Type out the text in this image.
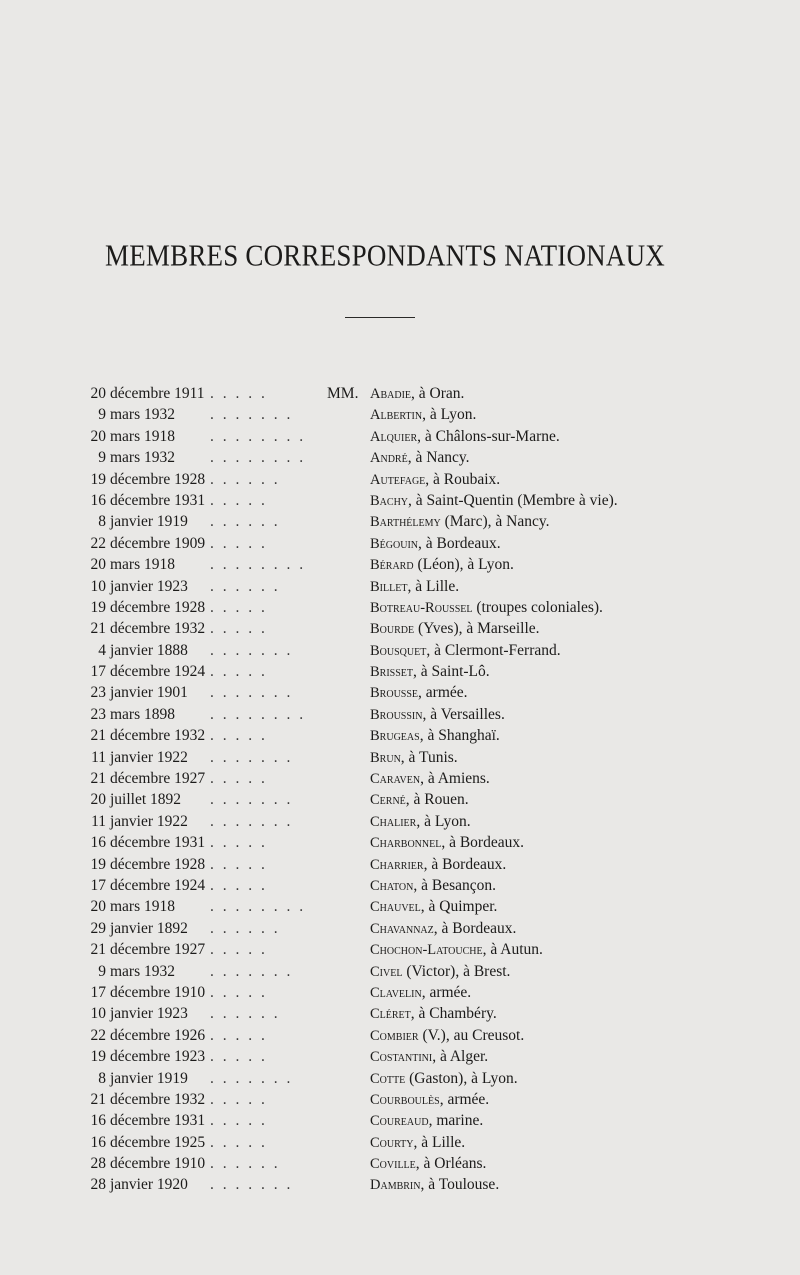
MEMBRES CORRESPONDANTS NATIONAUX
20 décembre 1911 . . . . .	MM. Abadie, à Oran.
9 mars 1932 . . . . . . .	Albertin, à Lyon.
20 mars 1918 . . . . . . . .	Alquier, à Châlons-sur-Marne.
9 mars 1932 . . . . . . . .	André, à Nancy.
19 décembre 1928 . . . . . .	Autefage, à Roubaix.
16 décembre 1931 . . . . .	Bachy, à Saint-Quentin (Membre à vie).
8 janvier 1919 . . . . . .	Barthélemy (Marc), à Nancy.
22 décembre 1909 . . . . .	Bégouin, à Bordeaux.
20 mars 1918 . . . . . . . .	Bérard (Léon), à Lyon.
10 janvier 1923 . . . . . .	Billet, à Lille.
19 décembre 1928 . . . . .	Botreau-Roussel (troupes coloniales).
21 décembre 1932 . . . . .	Bourde (Yves), à Marseille.
4 janvier 1888 . . . . . . .	Bousquet, à Clermont-Ferrand.
17 décembre 1924 . . . . .	Brisset, à Saint-Lô.
23 janvier 1901 . . . . . . .	Brousse, armée.
23 mars 1898 . . . . . . . .	Broussin, à Versailles.
21 décembre 1932 . . . . .	Brugeas, à Shanghaï.
11 janvier 1922 . . . . . . .	Brun, à Tunis.
21 décembre 1927 . . . . .	Caraven, à Amiens.
20 juillet 1892 . . . . . . .	Cerné, à Rouen.
11 janvier 1922 . . . . . . .	Chalier, à Lyon.
16 décembre 1931 . . . . .	Charbonnel, à Bordeaux.
19 décembre 1928 . . . . .	Charrier, à Bordeaux.
17 décembre 1924 . . . . .	Chaton, à Besançon.
20 mars 1918 . . . . . . . .	Chauvel, à Quimper.
29 janvier 1892 . . . . . .	Chavannaz, à Bordeaux.
21 décembre 1927 . . . . .	Chochon-Latouche, à Autun.
9 mars 1932 . . . . . . .	Civel (Victor), à Brest.
17 décembre 1910 . . . . .	Clavelin, armée.
10 janvier 1923 . . . . . .	Cléret, à Chambéry.
22 décembre 1926 . . . . .	Combier (V.), au Creusot.
19 décembre 1923 . . . . .	Costantini, à Alger.
8 janvier 1919 . . . . . . .	Cotte (Gaston), à Lyon.
21 décembre 1932 . . . . .	Courboulès, armée.
16 décembre 1931 . . . . .	Coureaud, marine.
16 décembre 1925 . . . . .	Courty, à Lille.
28 décembre 1910 . . . . . .	Coville, à Orléans.
28 janvier 1920 . . . . . . .	Dambrin, à Toulouse.
